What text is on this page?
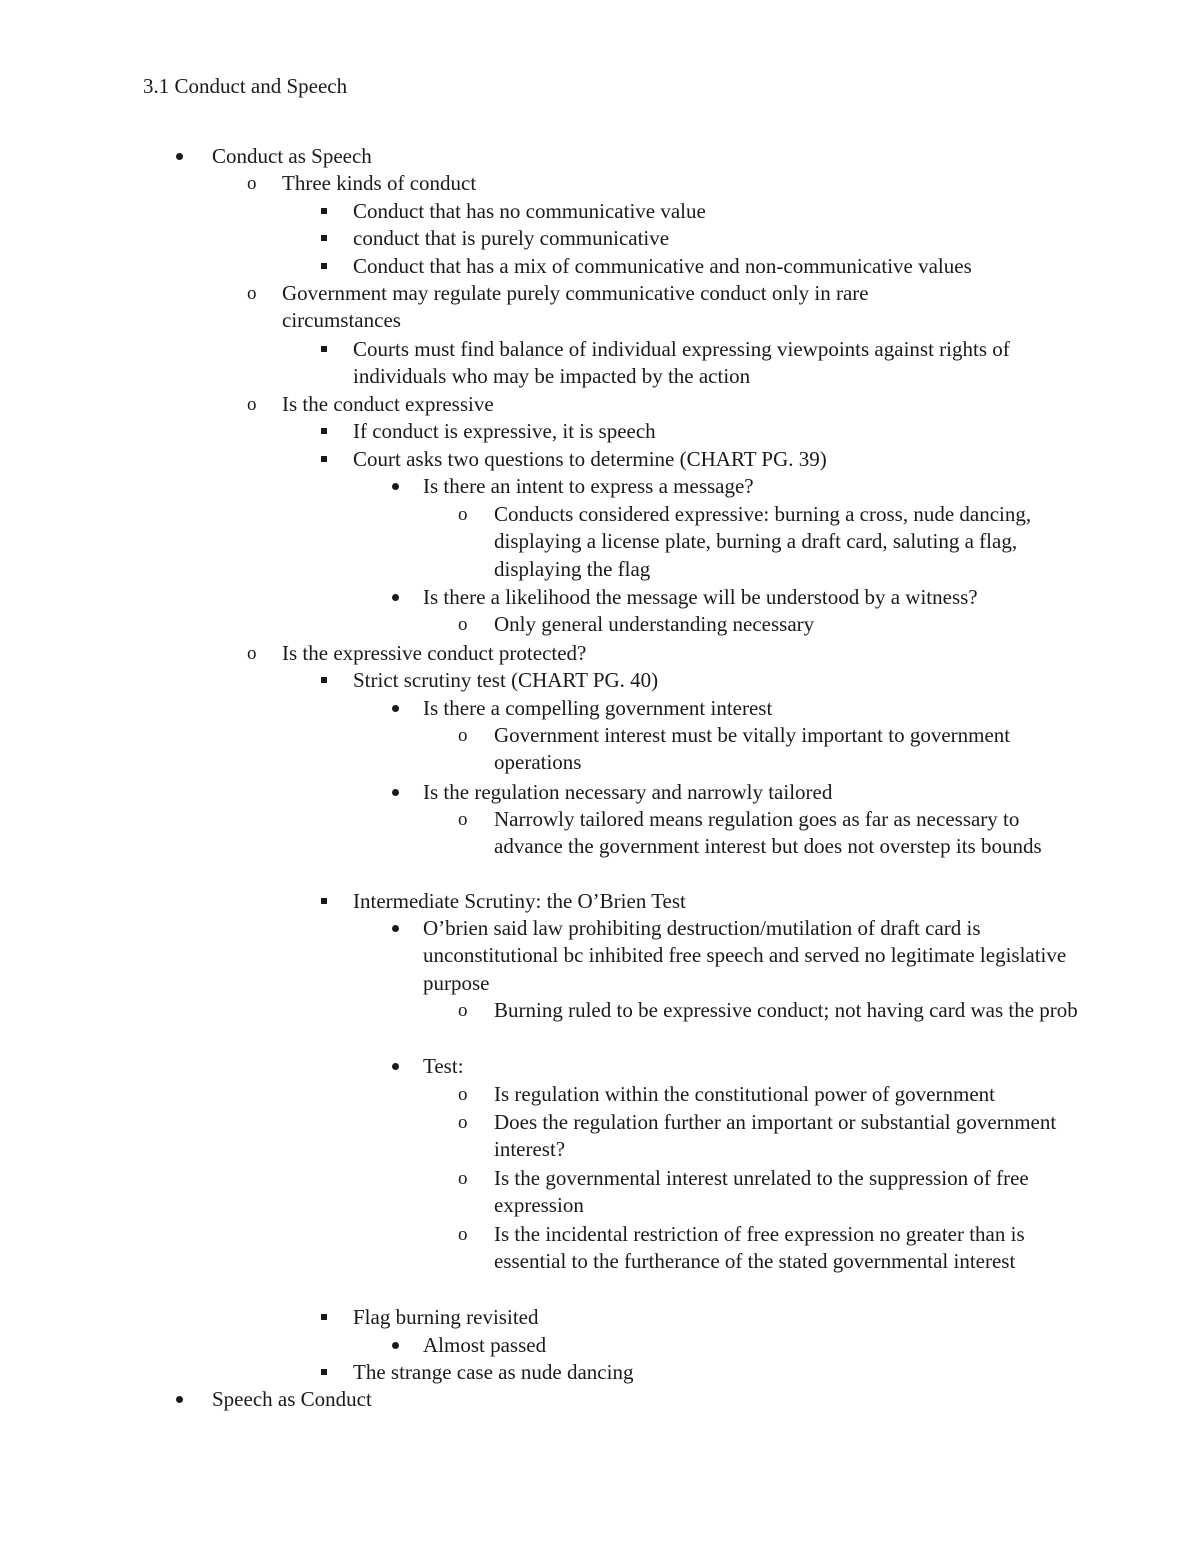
3.1 Conduct and Speech
Conduct as Speech
o	Three kinds of conduct
Conduct that has no communicative value
conduct that is purely communicative
Conduct that has a mix of communicative and non-communicative values
o	Government may regulate purely communicative conduct only in rare circumstances
Courts must find balance of individual expressing viewpoints against rights of individuals who may be impacted by the action
o	Is the conduct expressive
If conduct is expressive, it is speech
Court asks two questions to determine (CHART PG. 39)
Is there an intent to express a message?
o	Conducts considered expressive: burning a cross, nude dancing, displaying a license plate, burning a draft card, saluting a flag, displaying the flag
Is there a likelihood the message will be understood by a witness?
o	Only general understanding necessary
o	Is the expressive conduct protected?
Strict scrutiny test (CHART PG. 40)
Is there a compelling government interest
o	Government interest must be vitally important to government operations
Is the regulation necessary and narrowly tailored
o	Narrowly tailored means regulation goes as far as necessary to advance the government interest but does not overstep its bounds
Intermediate Scrutiny: the O’Brien Test
O’brien said law prohibiting destruction/mutilation of draft card is unconstitutional bc inhibited free speech and served no legitimate legislative purpose
o	Burning ruled to be expressive conduct; not having card was the prob
Test:
o	Is regulation within the constitutional power of government
o	Does the regulation further an important or substantial government interest?
o	Is the governmental interest unrelated to the suppression of free expression
o	Is the incidental restriction of free expression no greater than is essential to the furtherance of the stated governmental interest
Flag burning revisited
Almost passed
The strange case as nude dancing
Speech as Conduct
